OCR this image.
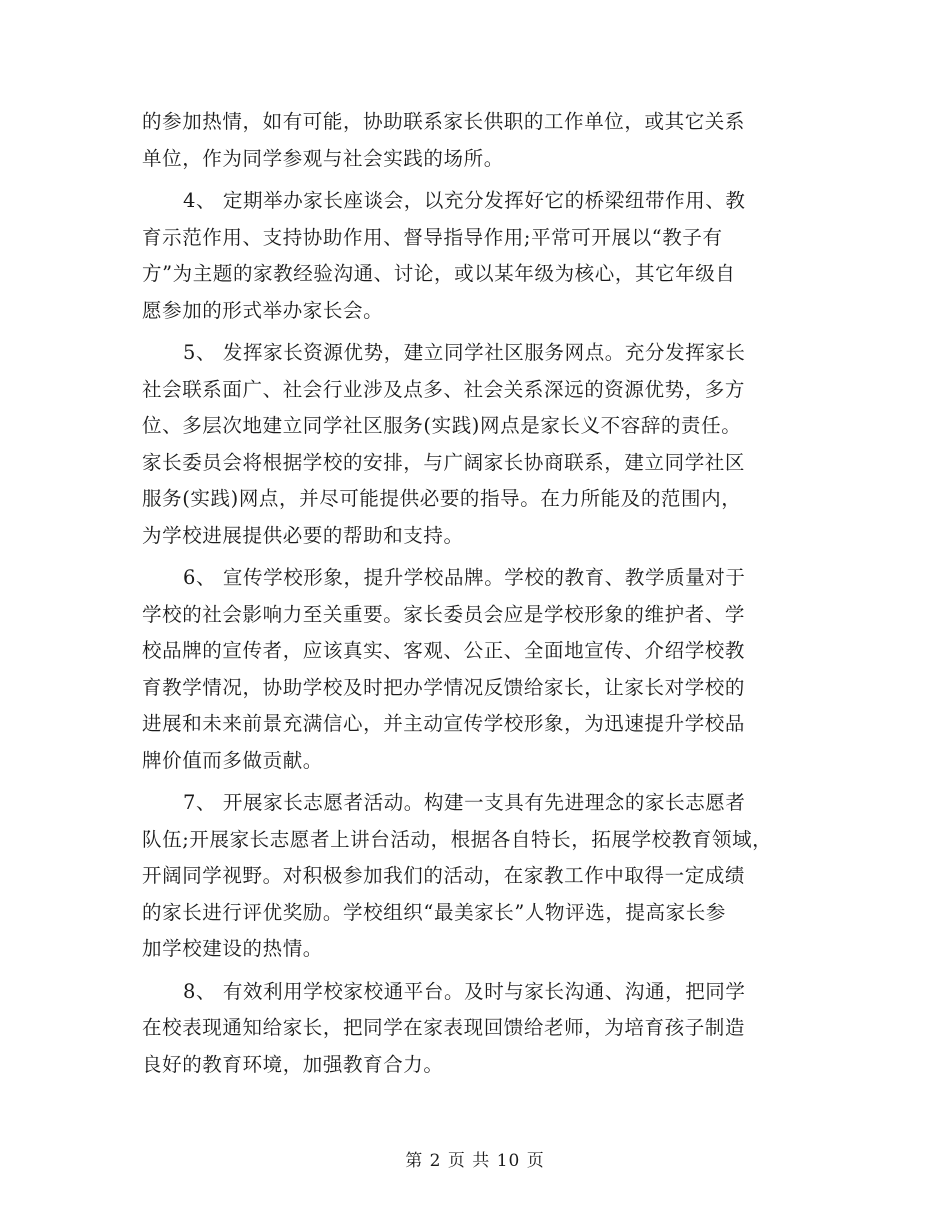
的参加热情，如有可能，协助联系家长供职的工作单位，或其它关系
单位，作为同学参观与社会实践的场所。
4、 定期举办家长座谈会，以充分发挥好它的桥梁纽带作用、教
育示范作用、支持协助作用、督导指导作用;平常可开展以“教子有
方”为主题的家教经验沟通、讨论，或以某年级为核心，其它年级自
愿参加的形式举办家长会。
5、 发挥家长资源优势，建立同学社区服务网点。充分发挥家长
社会联系面广、社会行业涉及点多、社会关系深远的资源优势，多方
位、多层次地建立同学社区服务(实践)网点是家长义不容辞的责任。
家长委员会将根据学校的安排，与广阔家长协商联系，建立同学社区
服务(实践)网点，并尽可能提供必要的指导。在力所能及的范围内，
为学校进展提供必要的帮助和支持。
6、 宣传学校形象，提升学校品牌。学校的教育、教学质量对于
学校的社会影响力至关重要。家长委员会应是学校形象的维护者、学
校品牌的宣传者，应该真实、客观、公正、全面地宣传、介绍学校教
育教学情况，协助学校及时把办学情况反馈给家长，让家长对学校的
进展和未来前景充满信心，并主动宣传学校形象，为迅速提升学校品
牌价值而多做贡献。
7、 开展家长志愿者活动。构建一支具有先进理念的家长志愿者
队伍;开展家长志愿者上讲台活动，根据各自特长，拓展学校教育领域，
开阔同学视野。对积极参加我们的活动，在家教工作中取得一定成绩
的家长进行评优奖励。学校组织“最美家长”人物评选，提高家长参
加学校建设的热情。
8、 有效利用学校家校通平台。及时与家长沟通、沟通，把同学
在校表现通知给家长，把同学在家表现回馈给老师，为培育孩子制造
良好的教育环境，加强教育合力。
第 2 页 共 10 页
